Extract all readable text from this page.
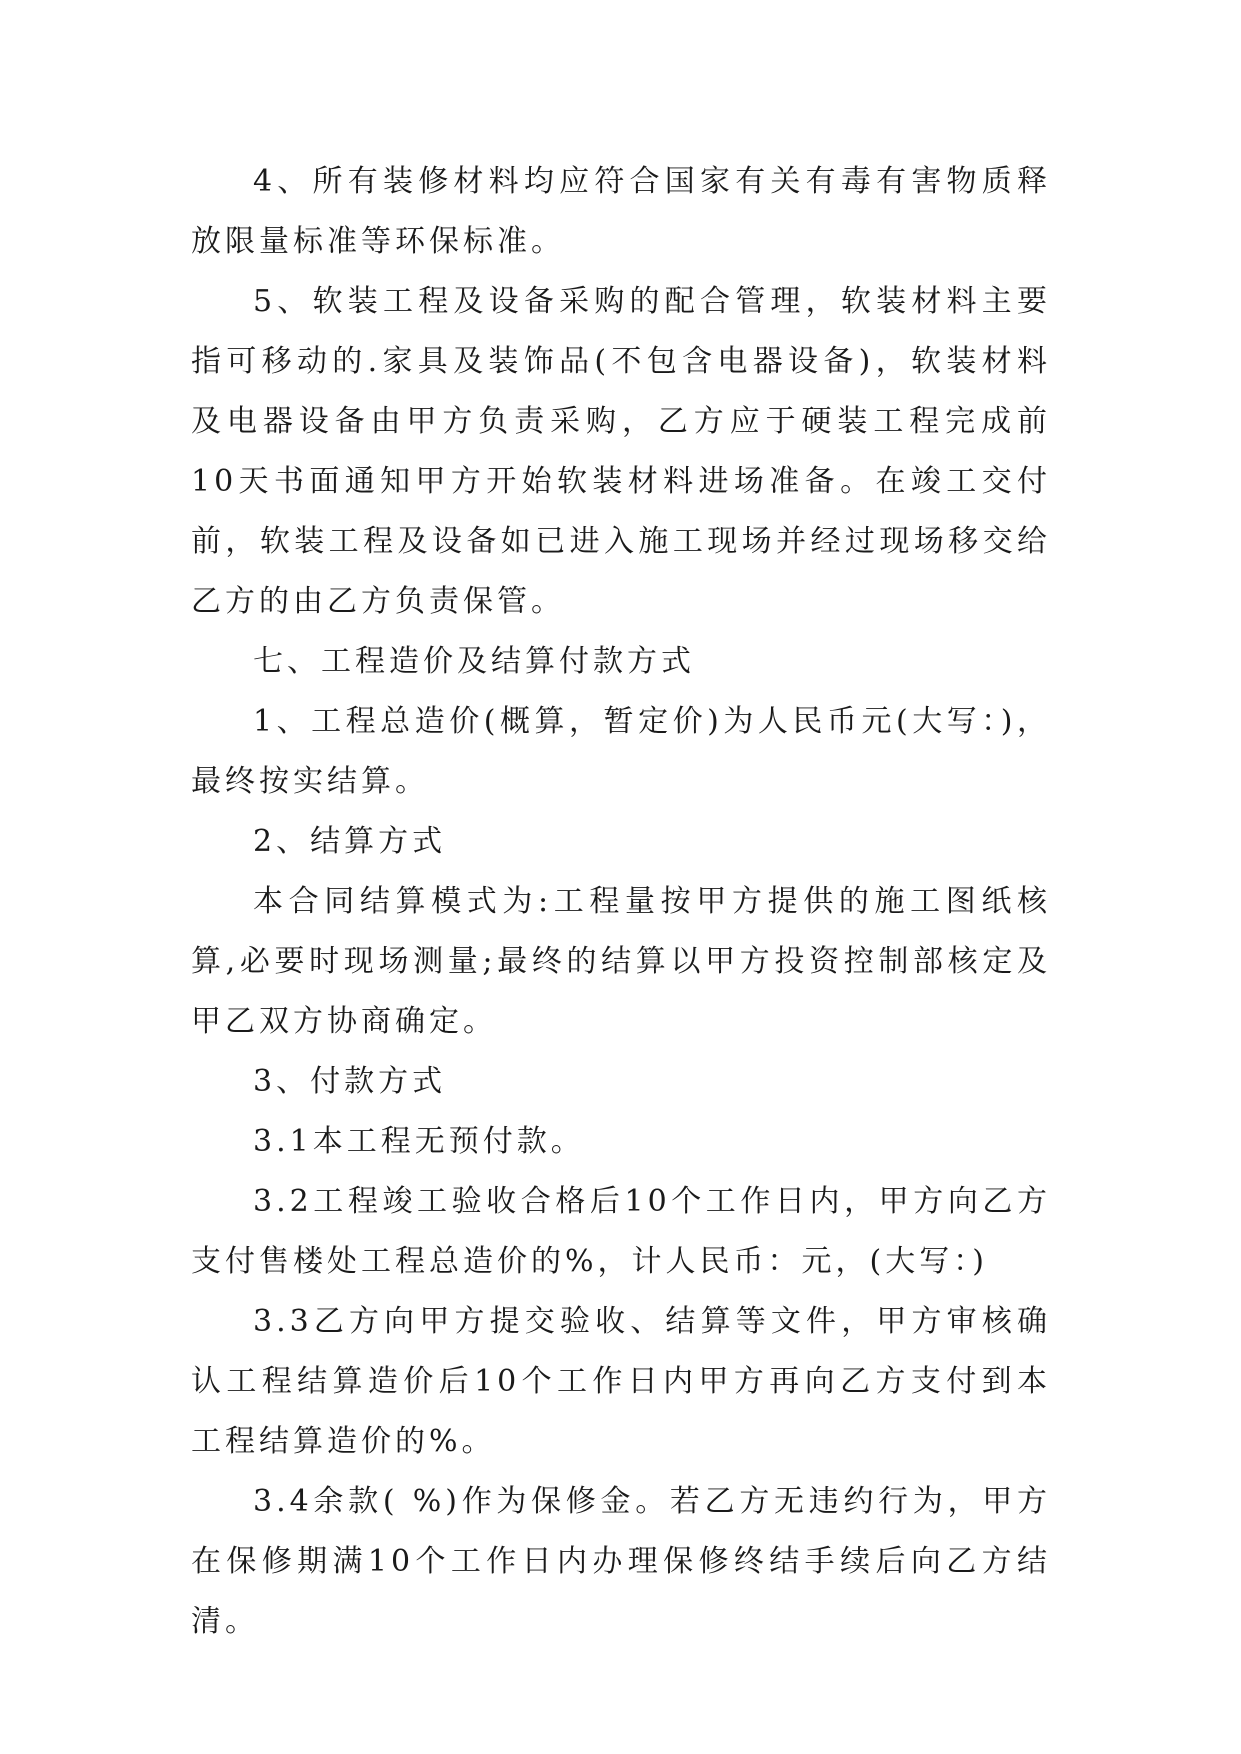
4、所有装修材料均应符合国家有关有毒有害物质释放限量标准等环保标准。

5、软装工程及设备采购的配合管理，软装材料主要指可移动的.家具及装饰品(不包含电器设备)，软装材料及电器设备由甲方负责采购，乙方应于硬装工程完成前10天书面通知甲方开始软装材料进场准备。在竣工交付前，软装工程及设备如已进入施工现场并经过现场移交给乙方的由乙方负责保管。

七、工程造价及结算付款方式

1、工程总造价(概算，暂定价)为人民币元(大写：)，最终按实结算。

2、结算方式

本合同结算模式为:工程量按甲方提供的施工图纸核算,必要时现场测量;最终的结算以甲方投资控制部核定及甲乙双方协商确定。

3、付款方式

3.1本工程无预付款。

3.2工程竣工验收合格后10个工作日内，甲方向乙方支付售楼处工程总造价的%，计人民币：元，(大写：)

3.3乙方向甲方提交验收、结算等文件，甲方审核确认工程结算造价后10个工作日内甲方再向乙方支付到本工程结算造价的%。

3.4余款( %)作为保修金。若乙方无违约行为，甲方在保修期满10个工作日内办理保修终结手续后向乙方结清。
